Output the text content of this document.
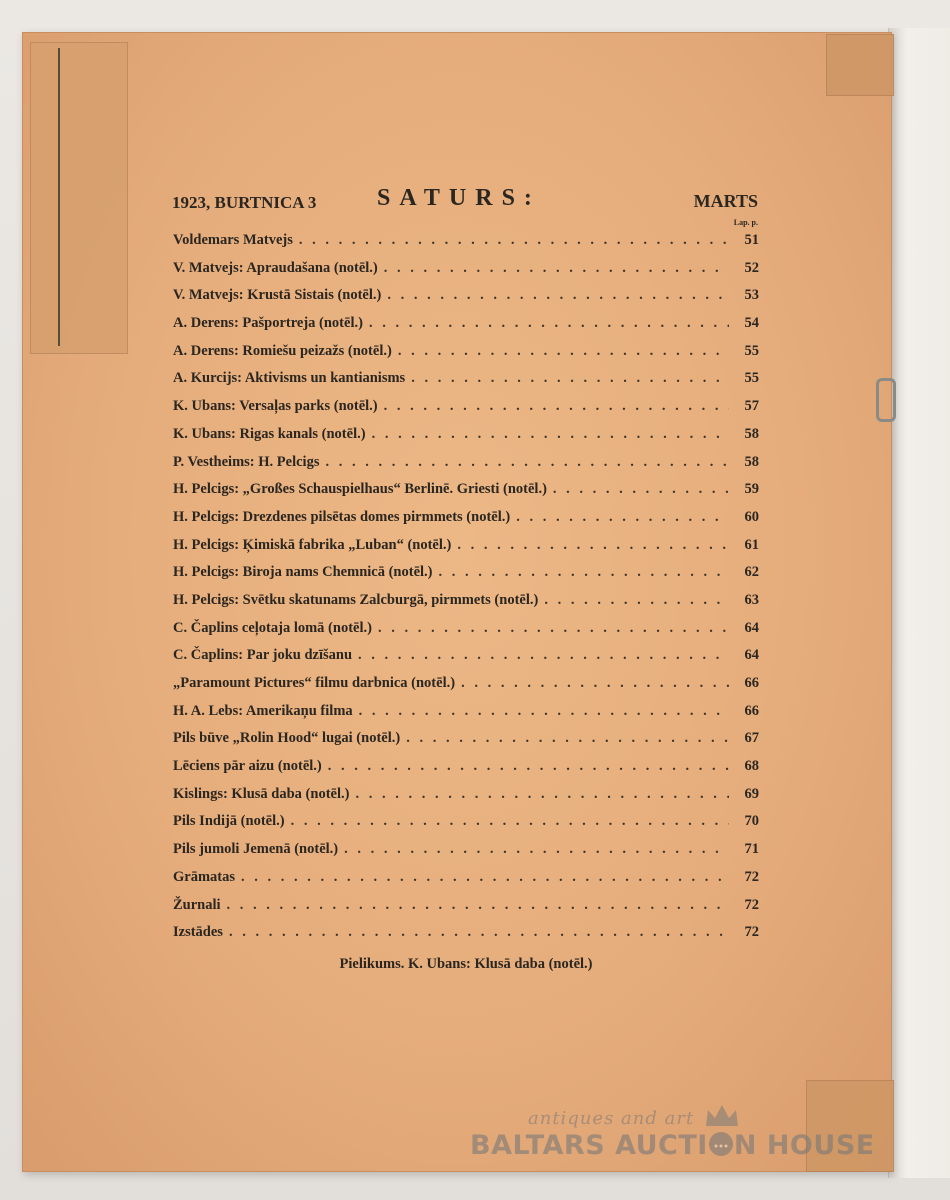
1923, BURTNICA 3	SATURS:	MARTS
Lap. p.
Voldemars Matvejs . . .	51
V. Matvejs: Apraudašana (notēl.) . . .	52
V. Matvejs: Krustā Sistais (notēl.) . . .	53
A. Derens: Pašportreja (notēl.) . . .	54
A. Derens: Romiešu peizažs (notēl.) . . .	55
A. Kurcijs: Aktivisms un kantianisms . . .	55
K. Ubans: Versaļas parks (notēl.) . . .	57
K. Ubans: Rigas kanals (notēl.) . . .	58
P. Vestheims: H. Pelcigs . . .	58
H. Pelcigs: „Großes Schauspielhaus“ Berlinē. Griesti (notēl.) . . .	59
H. Pelcigs: Drezdenes pilsētas domes pirmmets (notēl.) . . .	60
H. Pelcigs: Ķimiskā fabrika „Luban“ (notēl.) . . .	61
H. Pelcigs: Biroja nams Chemnicā (notēl.) . . .	62
H. Pelcigs: Svētku skatunams Zalcburgā, pirmmets (notēl.) . . .	63
C. Čaplins ceļotaja lomā (notēl.) . . .	64
C. Čaplins: Par joku dzīšanu . . .	64
„Paramount Pictures“ filmu darbnica (notēl.) . . .	66
H. A. Lebs: Amerikaņu filma . . .	66
Pils būve „Rolin Hood“ lugai (notēl.) . . .	67
Lēciens pār aizu (notēl.) . . .	68
Kislings: Klusā daba (notēl.) . . .	69
Pils Indijā (notēl.) . . .	70
Pils jumoli Jemenā (notēl.) . . .	71
Grāmatas . . .	72
Žurnali . . .	72
Izstādes . . .	72
Pielikums. K. Ubans: Klusā daba (notēl.)
antiques and art
BALTARS AUCTI N HOUSE
